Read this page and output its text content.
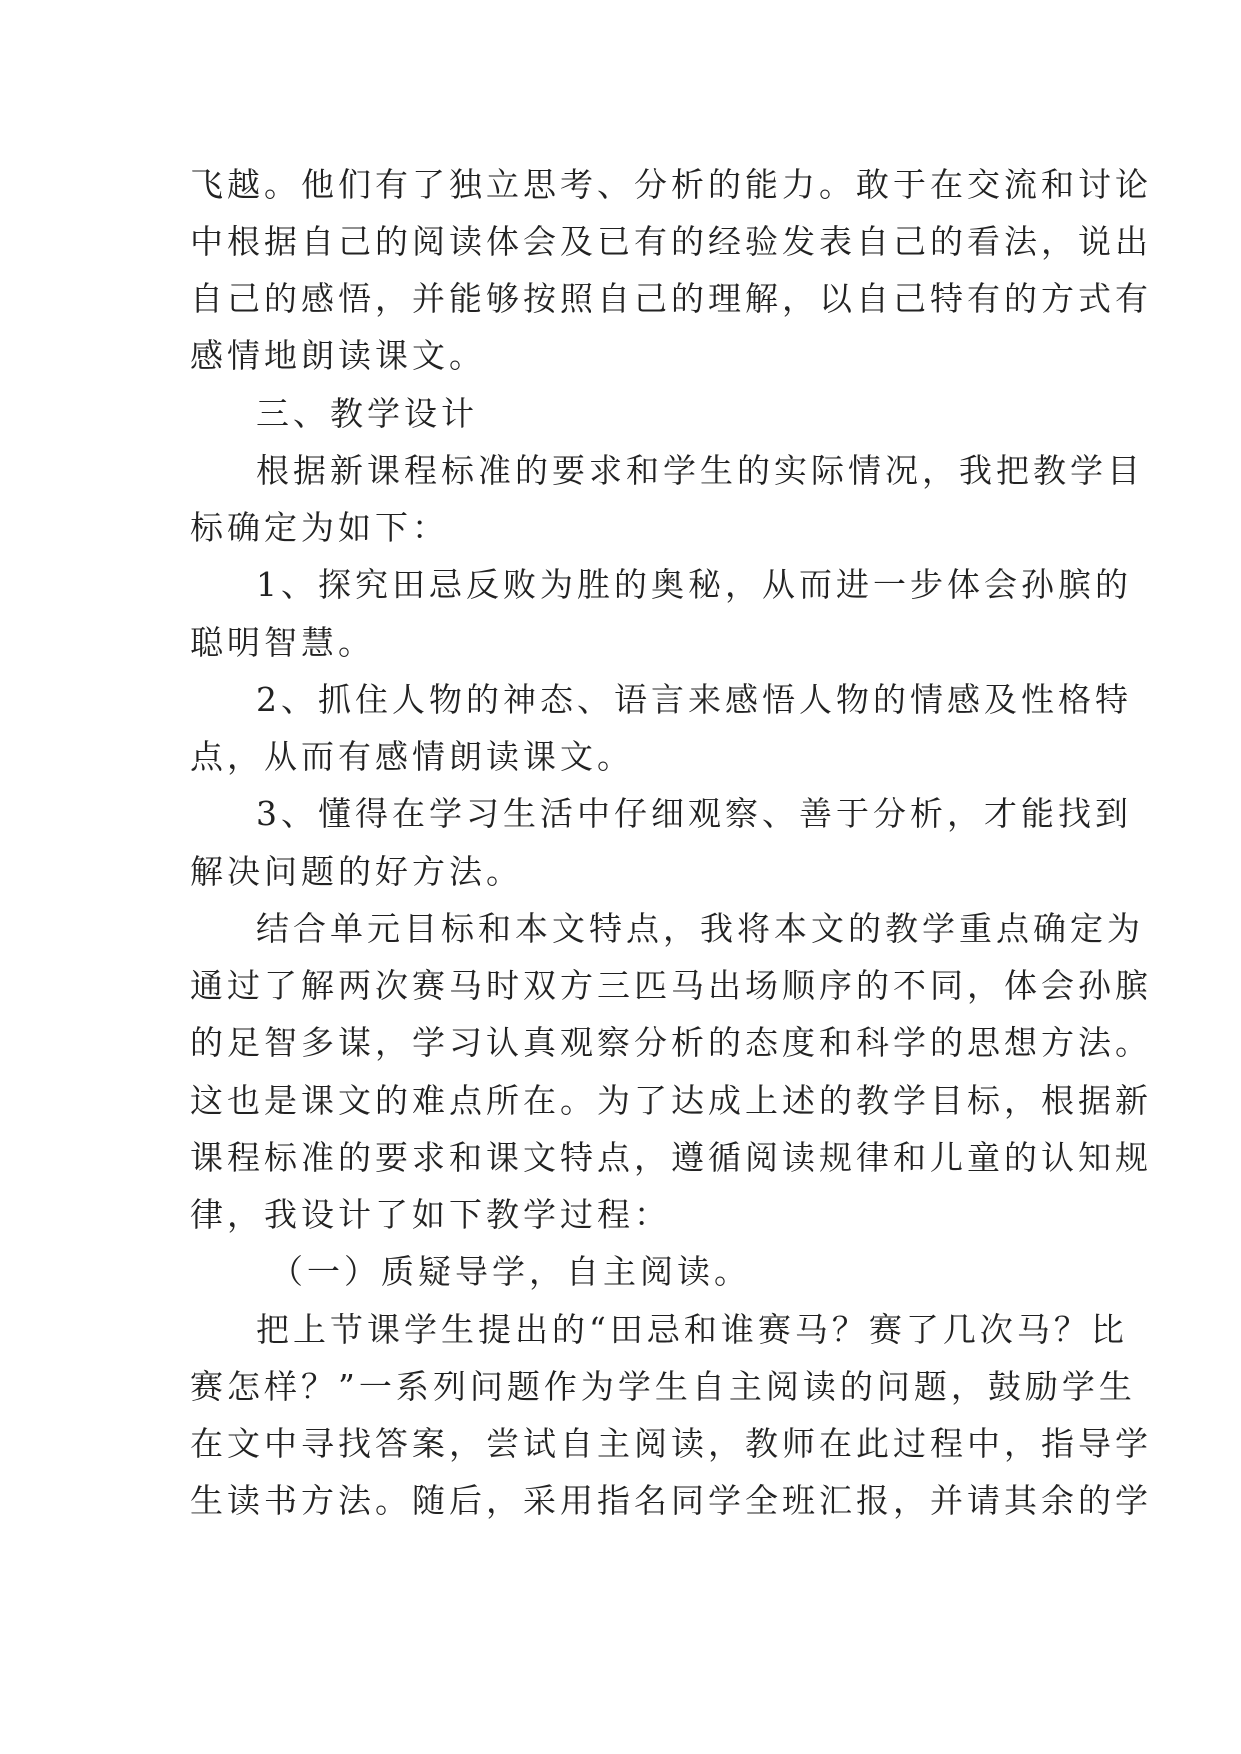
飞越。他们有了独立思考、分析的能力。敢于在交流和讨论
中根据自己的阅读体会及已有的经验发表自己的看法，说出
自己的感悟，并能够按照自己的理解，以自己特有的方式有
感情地朗读课文。
三、教学设计
根据新课程标准的要求和学生的实际情况，我把教学目
标确定为如下：
1、探究田忌反败为胜的奥秘，从而进一步体会孙膑的
聪明智慧。
2、抓住人物的神态、语言来感悟人物的情感及性格特
点，从而有感情朗读课文。
3、懂得在学习生活中仔细观察、善于分析，才能找到
解决问题的好方法。
结合单元目标和本文特点，我将本文的教学重点确定为
通过了解两次赛马时双方三匹马出场顺序的不同，体会孙膑
的足智多谋，学习认真观察分析的态度和科学的思想方法。
这也是课文的难点所在。为了达成上述的教学目标，根据新
课程标准的要求和课文特点，遵循阅读规律和儿童的认知规
律，我设计了如下教学过程：
（一）质疑导学，自主阅读。
把上节课学生提出的“田忌和谁赛马？赛了几次马？比
赛怎样？”一系列问题作为学生自主阅读的问题，鼓励学生
在文中寻找答案，尝试自主阅读，教师在此过程中，指导学
生读书方法。随后，采用指名同学全班汇报，并请其余的学
